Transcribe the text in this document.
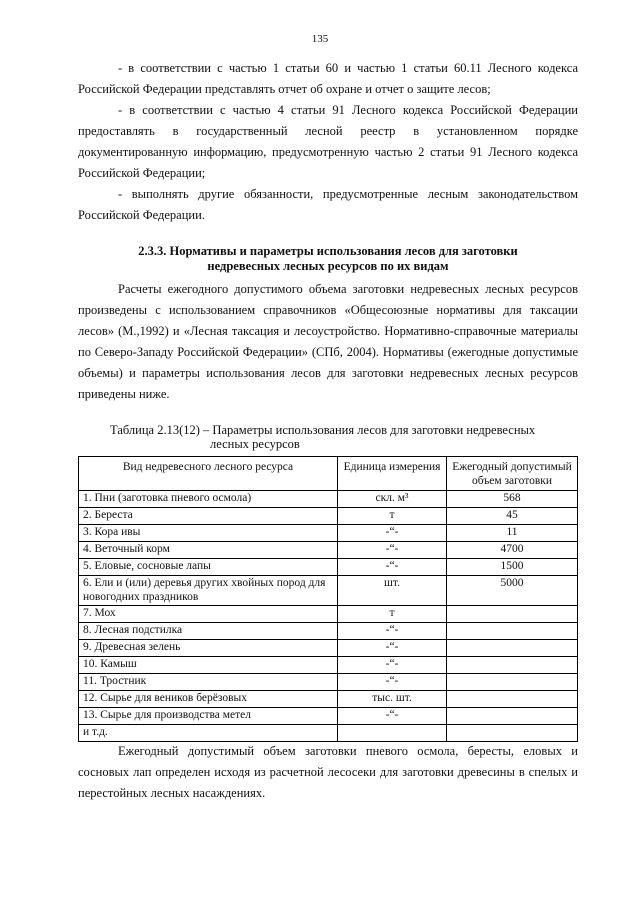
135

- в соответствии с частью 1 статьи 60 и частью 1 статьи 60.11 Лесного кодекса Российской Федерации представлять отчет об охране и отчет о защите лесов;

- в соответствии с частью 4 статьи 91 Лесного кодекса Российской Федерации предоставлять в государственный лесной реестр в установленном порядке документированную информацию, предусмотренную частью 2 статьи 91 Лесного кодекса Российской Федерации;

- выполнять другие обязанности, предусмотренные лесным законодательством Российской Федерации.

2.3.3. Нормативы и параметры использования лесов для заготовки
недревесных лесных ресурсов по их видам

Расчеты ежегодного допустимого объема заготовки недревесных лесных ресурсов произведены с использованием справочников «Общесоюзные нормативы для таксации лесов» (М.,1992) и «Лесная таксация и лесоустройство. Нормативно-справочные материалы по Северо-Западу Российской Федерации» (СПб, 2004). Нормативы (ежегодные допустимые объемы) и параметры использования лесов для заготовки недревесных лесных ресурсов приведены ниже.

Таблица 2.13(12) – Параметры использования лесов для заготовки недревесных
лесных ресурсов
Вид недревесного лесного ресурса	Единица измерения	Ежегодный допустимый объем заготовки
1. Пни (заготовка пневого осмола)	скл. м³	568
2. Береста	т	45
3. Кора ивы	-“-	11
4. Веточный корм	-“-	4700
5. Еловые, сосновые лапы	-“-	1500
6. Ели и (или) деревья других хвойных пород для новогодних праздников	шт.	5000
7. Мох	т	
8. Лесная подстилка	-“-	
9. Древесная зелень	-“-	
10. Камыш	-“-	
11. Тростник	-“-	
12. Сырье для веников берёзовых	тыс. шт.	
13. Сырье для производства метел	-“-	
и т.д.		

Ежегодный допустимый объем заготовки пневого осмола, бересты, еловых и сосновых лап определен исходя из расчетной лесосеки для заготовки древесины в спелых и перестойных лесных насаждениях.
